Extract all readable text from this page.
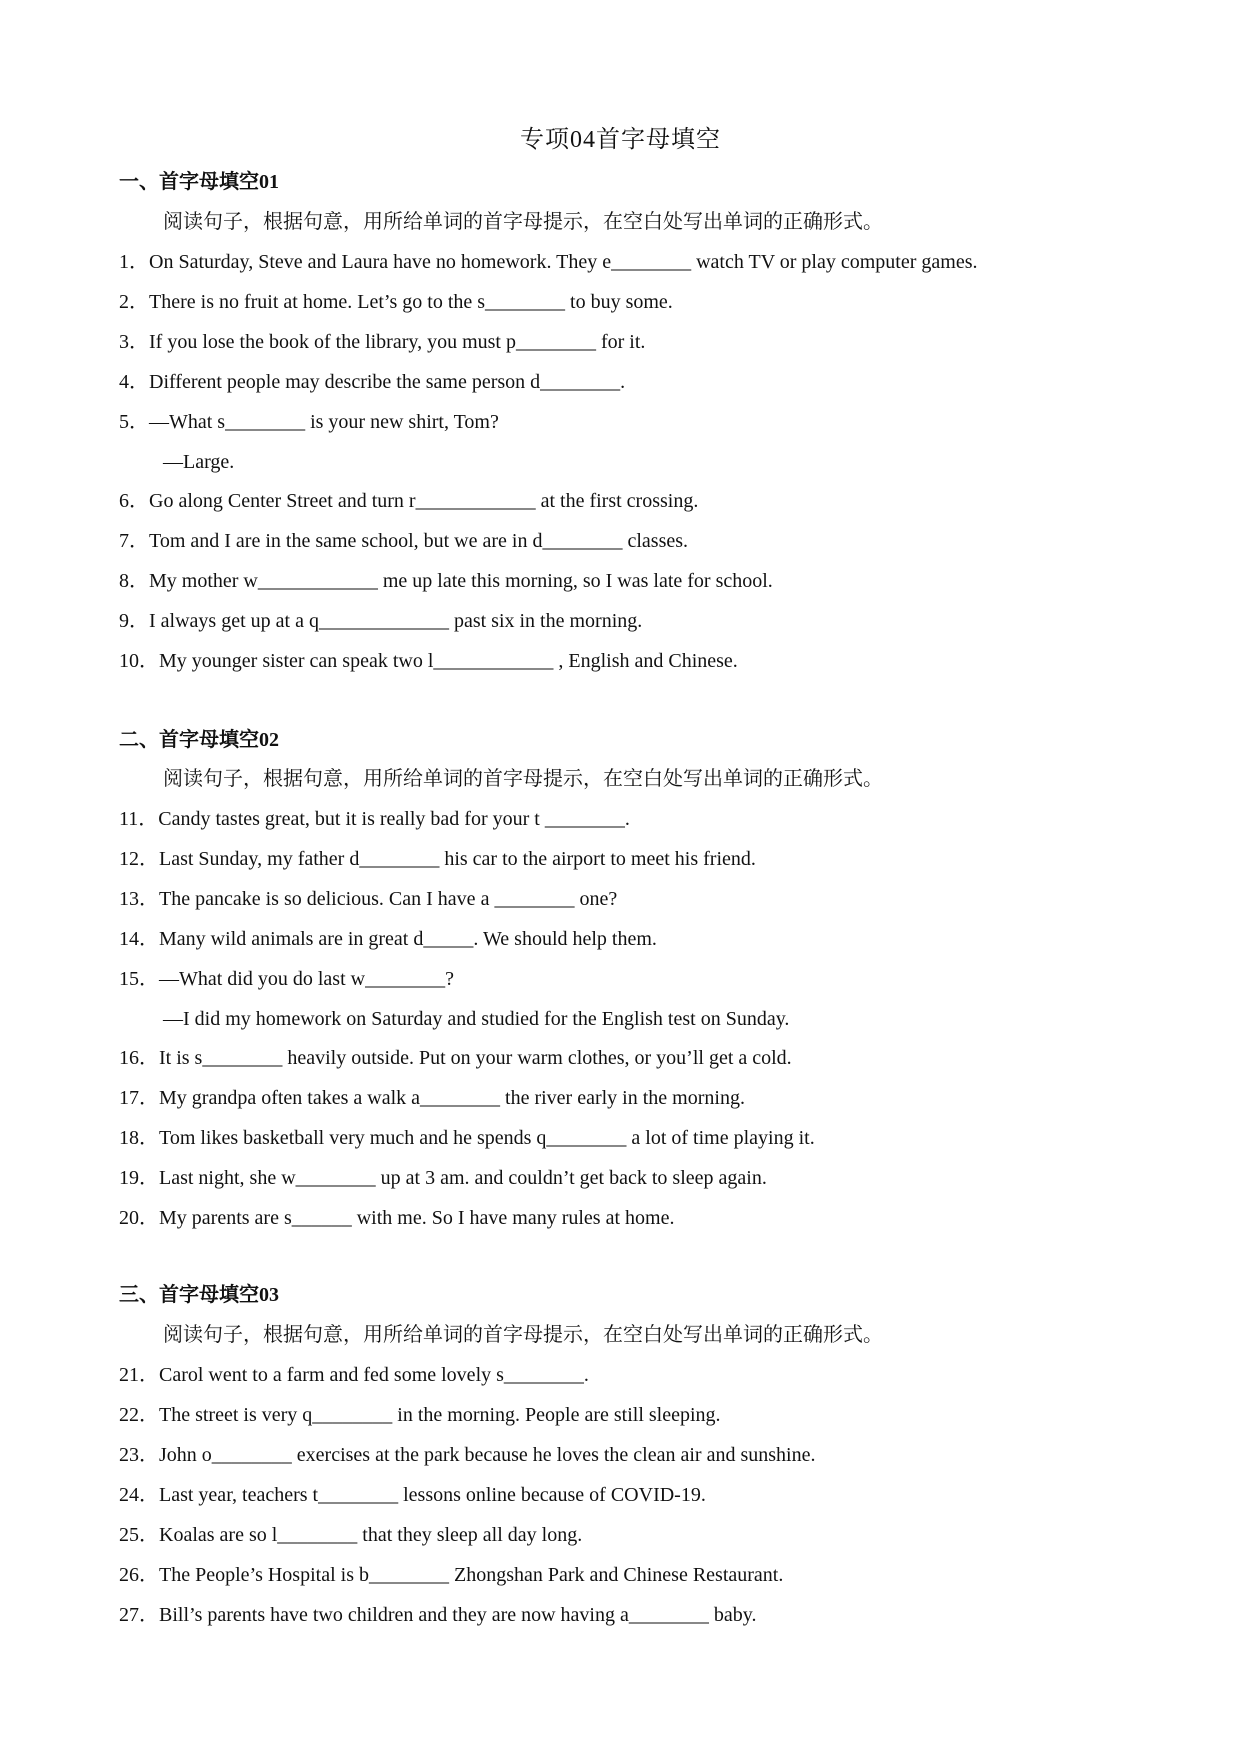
专项04首字母填空
一、首字母填空01
阅读句子，根据句意，用所给单词的首字母提示，在空白处写出单词的正确形式。
1．On Saturday, Steve and Laura have no homework. They e________ watch TV or play computer games.
2．There is no fruit at home. Let’s go to the s________ to buy some.
3．If you lose the book of the library, you must p________ for it.
4．Different people may describe the same person d________.
5．—What s________ is your new shirt, Tom?
—Large.
6．Go along Center Street and turn r____________ at the first crossing.
7．Tom and I are in the same school, but we are in d________ classes.
8．My mother w____________ me up late this morning, so I was late for school.
9．I always get up at a q_____________ past six in the morning.
10．My younger sister can speak two l____________ , English and Chinese.
二、首字母填空02
阅读句子，根据句意，用所给单词的首字母提示，在空白处写出单词的正确形式。
11．Candy tastes great, but it is really bad for your t ________.
12．Last Sunday, my father d________ his car to the airport to meet his friend.
13．The pancake is so delicious. Can I have a ________ one?
14．Many wild animals are in great d_____. We should help them.
15．—What did you do last w________?
—I did my homework on Saturday and studied for the English test on Sunday.
16．It is s________ heavily outside. Put on your warm clothes, or you’ll get a cold.
17．My grandpa often takes a walk a________ the river early in the morning.
18．Tom likes basketball very much and he spends q________ a lot of time playing it.
19．Last night, she w________ up at 3 am. and couldn’t get back to sleep again.
20．My parents are s______ with me. So I have many rules at home.
三、首字母填空03
阅读句子，根据句意，用所给单词的首字母提示，在空白处写出单词的正确形式。
21．Carol went to a farm and fed some lovely s________.
22．The street is very q________ in the morning. People are still sleeping.
23．John o________ exercises at the park because he loves the clean air and sunshine.
24．Last year, teachers t________ lessons online because of COVID-19.
25．Koalas are so l________ that they sleep all day long.
26．The People’s Hospital is b________ Zhongshan Park and Chinese Restaurant.
27．Bill’s parents have two children and they are now having a________ baby.
